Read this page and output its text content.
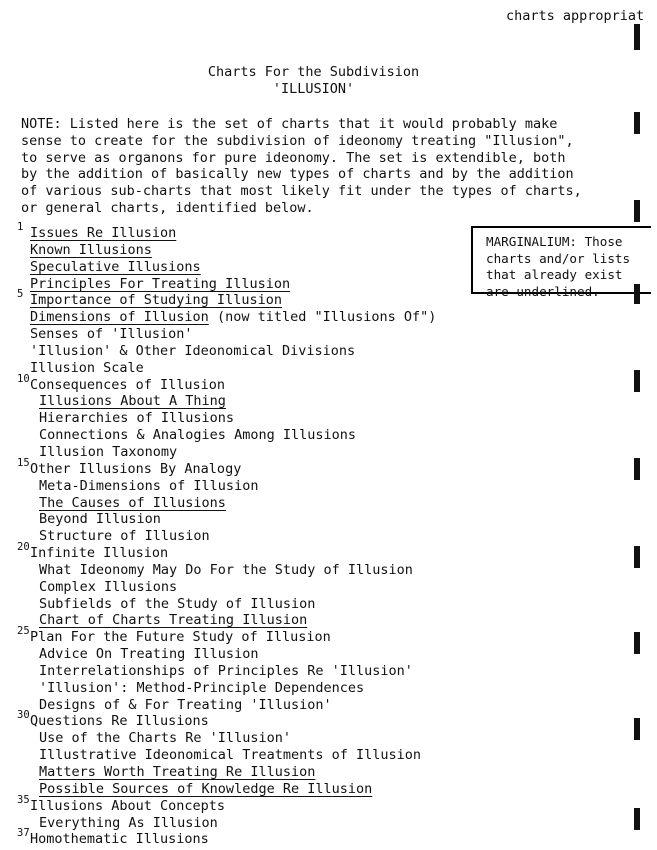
charts appropriat
Charts For the Subdivision
'ILLUSION'
NOTE: Listed here is the set of charts that it would probably make
sense to create for the subdivision of ideonomy treating "Illusion",
to serve as organons for pure ideonomy. The set is extendible, both
by the addition of basically new types of charts and by the addition
of various sub-charts that most likely fit under the types of charts,
or general charts, identified below.
MARGINALIUM: Those
charts and/or lists
that already exist
are underlined.
1 Issues Re Illusion
Known Illusions
Speculative Illusions
Principles For Treating Illusion
5 Importance of Studying Illusion
Dimensions of Illusion (now titled "Illusions Of")
Senses of 'Illusion'
'Illusion' & Other Ideonomical Divisions
Illusion Scale
10 Consequences of Illusion
Illusions About A Thing
Hierarchies of Illusions
Connections & Analogies Among Illusions
Illusion Taxonomy
15 Other Illusions By Analogy
Meta-Dimensions of Illusion
The Causes of Illusions
Beyond Illusion
Structure of Illusion
20 Infinite Illusion
What Ideonomy May Do For the Study of Illusion
Complex Illusions
Subfields of the Study of Illusion
Chart of Charts Treating Illusion
25 Plan For the Future Study of Illusion
Advice On Treating Illusion
Interrelationships of Principles Re 'Illusion'
'Illusion': Method-Principle Dependences
Designs of & For Treating 'Illusion'
30 Questions Re Illusions
Use of the Charts Re 'Illusion'
Illustrative Ideonomical Treatments of Illusion
Matters Worth Treating Re Illusion
Possible Sources of Knowledge Re Illusion
35 Illusions About Concepts
Everything As Illusion
37 Homothematic Illusions
